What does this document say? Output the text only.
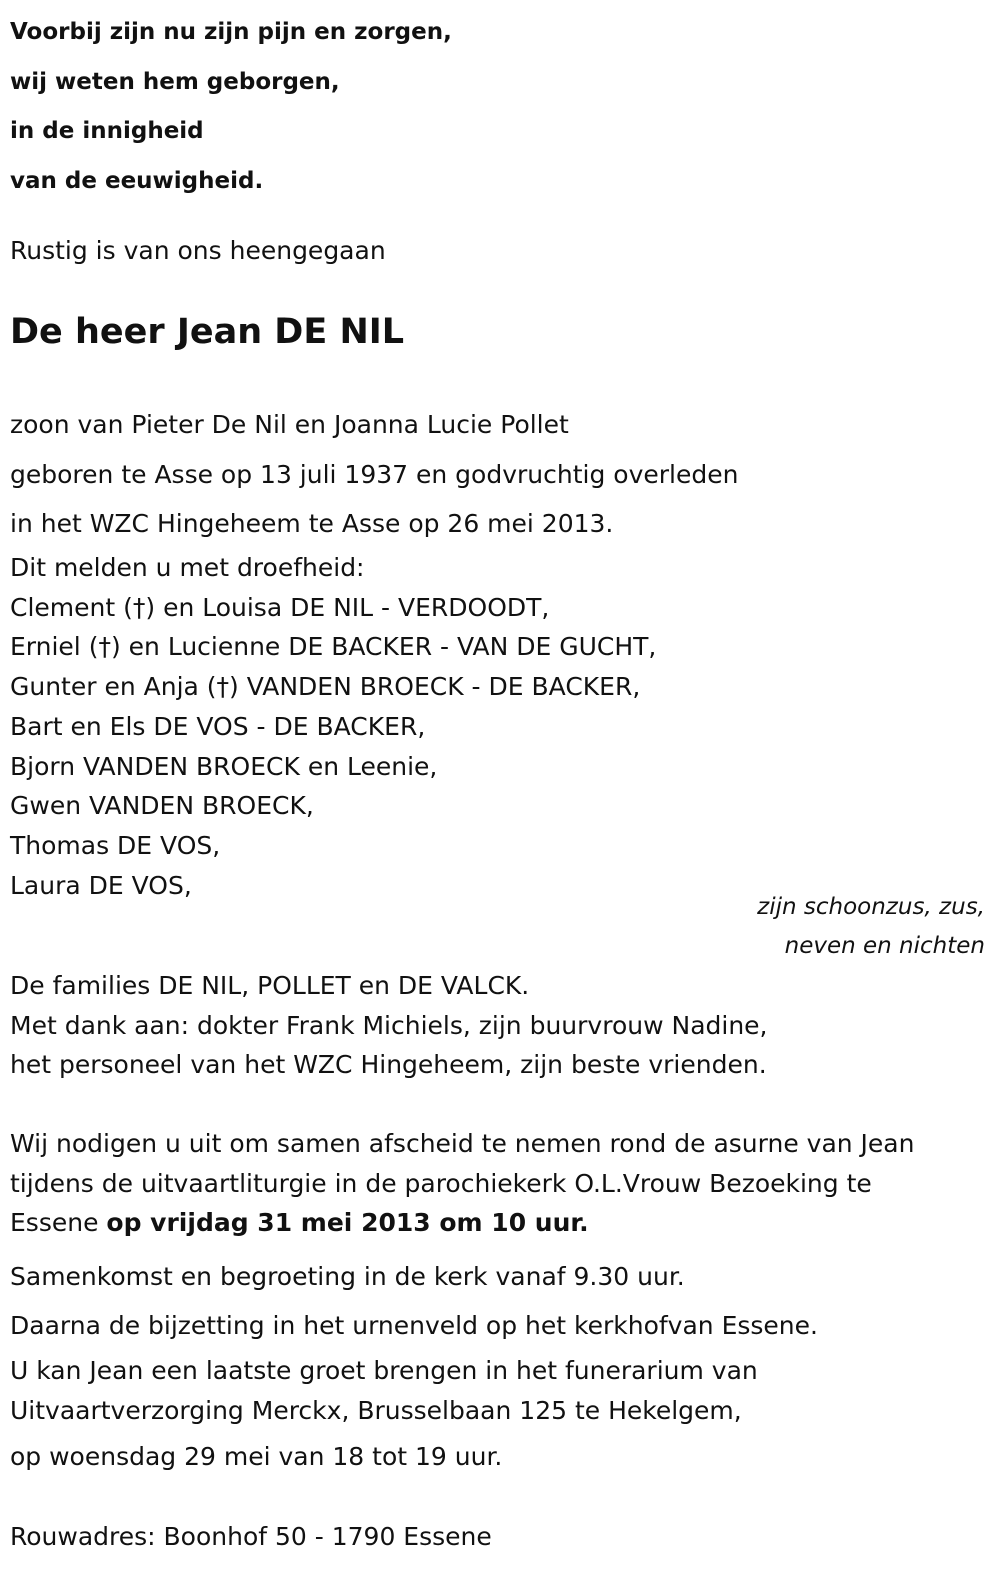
Voorbij zijn nu zijn pijn en zorgen,
wij weten hem geborgen,
in de innigheid
van de eeuwigheid.
Rustig is van ons heengegaan
De heer Jean DE NIL
zoon van Pieter De Nil en Joanna Lucie Pollet
geboren te Asse op 13 juli 1937 en godvruchtig overleden
in het WZC Hingeheem te Asse op 26 mei 2013.
Dit melden u met droefheid:
Clement (†) en Louisa DE NIL - VERDOODT,
Erniel (†) en Lucienne DE BACKER - VAN DE GUCHT,
Gunter en Anja (†) VANDEN BROECK - DE BACKER,
Bart en Els DE VOS - DE BACKER,
Bjorn VANDEN BROECK en Leenie,
Gwen VANDEN BROECK,
Thomas DE VOS,
Laura DE VOS,
zijn schoonzus, zus,
neven en nichten
De families DE NIL, POLLET en DE VALCK.
Met dank aan: dokter Frank Michiels, zijn buurvrouw Nadine,
het personeel van het WZC Hingeheem, zijn beste vrienden.
Wij nodigen u uit om samen afscheid te nemen rond de asurne van Jean
tijdens de uitvaartliturgie in de parochiekerk O.L.Vrouw Bezoeking te
Essene op vrijdag 31 mei 2013 om 10 uur.
Samenkomst en begroeting in de kerk vanaf 9.30 uur.
Daarna de bijzetting in het urnenveld op het kerkhofvan Essene.
U kan Jean een laatste groet brengen in het funerarium van
Uitvaartverzorging Merckx, Brusselbaan 125 te Hekelgem,
op woensdag 29 mei van 18 tot 19 uur.
Rouwadres: Boonhof 50 - 1790 Essene
